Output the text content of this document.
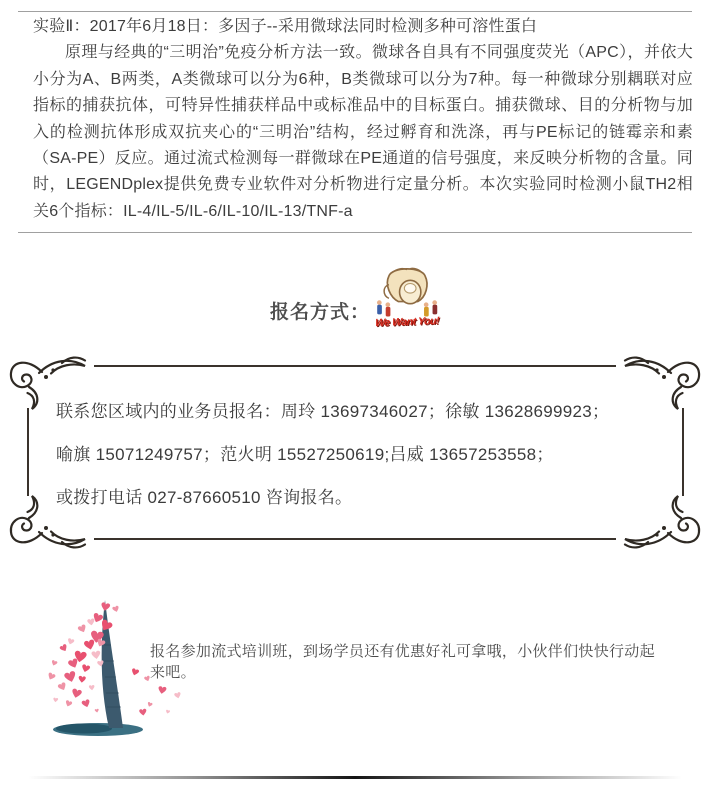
实验Ⅱ：2017年6月18日：多因子--采用微球法同时检测多种可溶性蛋白

原理与经典的“三明治”免疫分析方法一致。微球各自具有不同强度荧光（APC），并依大小分为A、B两类，A类微球可以分为6种，B类微球可以分为7种。每一种微球分别耦联对应指标的捕获抗体，可特异性捕获样品中或标准品中的目标蛋白。捕获微球、目的分析物与加入的检测抗体形成双抗夹心的“三明治”结构，经过孵育和洗涤，再与PE标记的链霉亲和素（SA-PE）反应。通过流式检测每一群微球在PE通道的信号强度，来反映分析物的含量。同时，LEGENDplex提供免费专业软件对分析物进行定量分析。本次实验同时检测小鼠TH2相关6个指标：IL-4/IL-5/IL-6/IL-10/IL-13/TNF-a

报名方式： We Want You!
联系您区域内的业务员报名：周玲 13697346027；徐敏 13628699923；
喻旗 15071249757；范火明 15527250619;吕威 13657253558；
或拨打电话 027-87660510 咨询报名。
报名参加流式培训班，到场学员还有优惠好礼可拿哦，小伙伴们快快行动起来吧。
